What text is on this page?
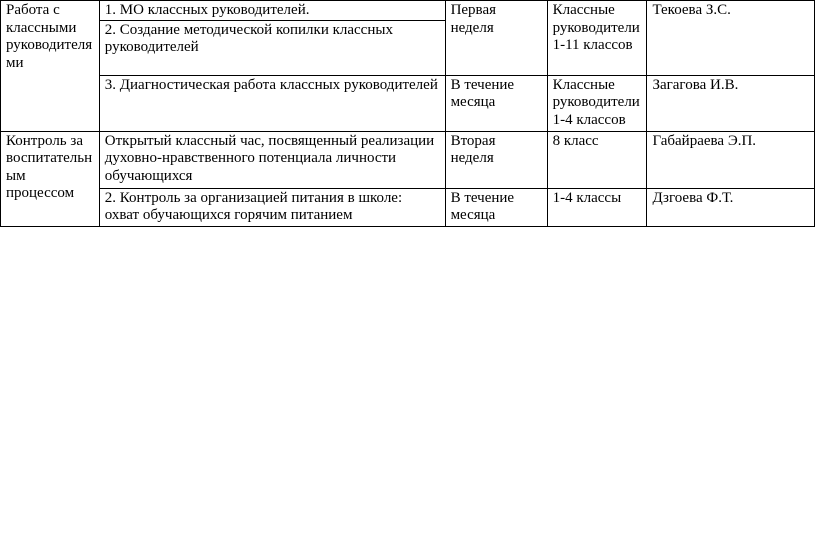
Работа с классными руководителями	1. МО классных руководителей.	Первая неделя	Классные руководители 1-11 классов	Текоева З.С.
	2. Создание методической копилки классных руководителей			
	3. Диагностическая работа классных руководителей	В течение месяца	Классные руководители 1-4 классов	Загагова И.В.
Контроль за воспитательным процессом	Открытый классный час, посвященный реализации духовно-нравственного потенциала личности обучающихся	Вторая неделя	8 класс	Габайраева Э.П.
	2. Контроль за организацией питания в школе: охват обучающихся горячим питанием	В течение месяца	1-4 классы	Дзгоева Ф.Т.
